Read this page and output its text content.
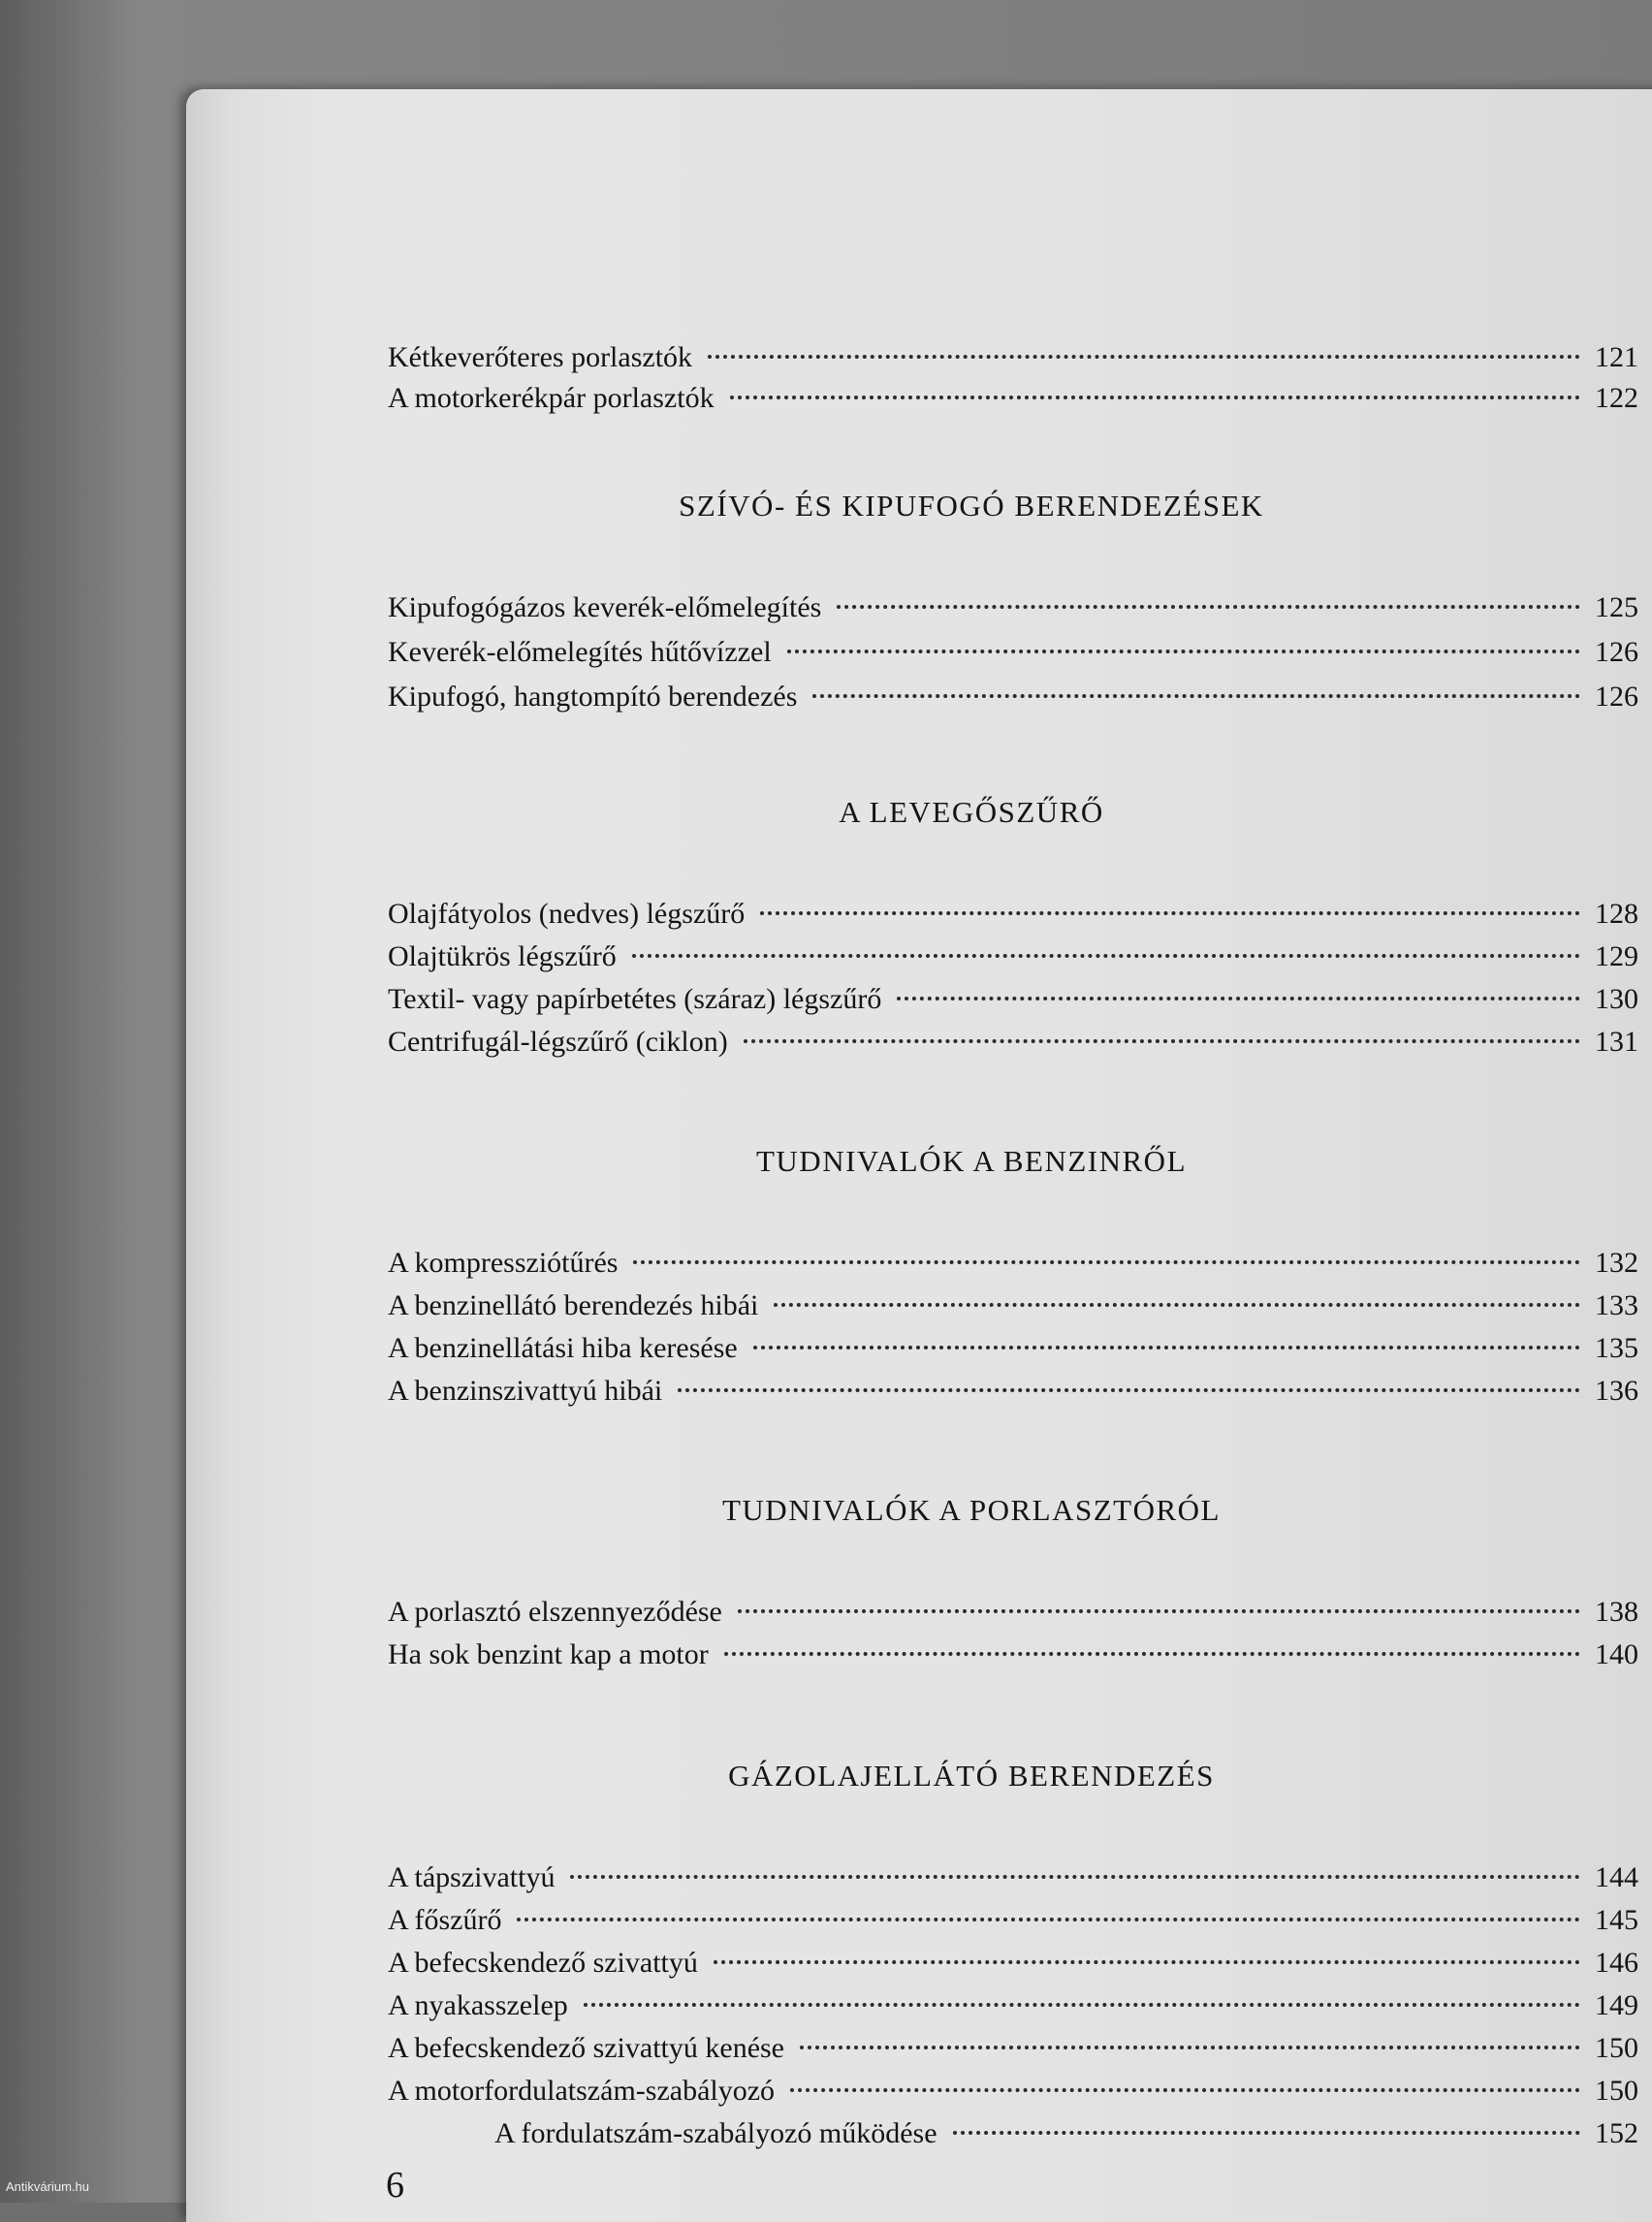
Kétkeverőteres porlasztók	121
A motorkerékpár porlasztók	122
SZÍVÓ- ÉS KIPUFOGÓ BERENDEZÉSEK
Kipufogógázos keverék-előmelegítés	125
Keverék-előmelegítés hűtővízzel	126
Kipufogó, hangtompító berendezés	126
A LEVEGŐSZŰRŐ
Olajfátyolos (nedves) légszűrő	128
Olajtükrös légszűrő	129
Textil- vagy papírbetétes (száraz) légszűrő	130
Centrifugál-légszűrő (ciklon)	131
TUDNIVALÓK A BENZINRŐL
A kompressziótűrés	132
A benzinellátó berendezés hibái	133
A benzinellátási hiba keresése	135
A benzinszivattyú hibái	136
TUDNIVALÓK A PORLASZTÓRÓL
A porlasztó elszennyeződése	138
Ha sok benzint kap a motor	140
GÁZOLAJELLÁTÓ BERENDEZÉS
A tápszivattyú	144
A főszűrő	145
A befecskendező szivattyú	146
A nyakasszelep	149
A befecskendező szivattyú kenése	150
A motorfordulatszám-szabályozó	150
A fordulatszám-szabályozó működése	152
6
Antikvárium.hu
